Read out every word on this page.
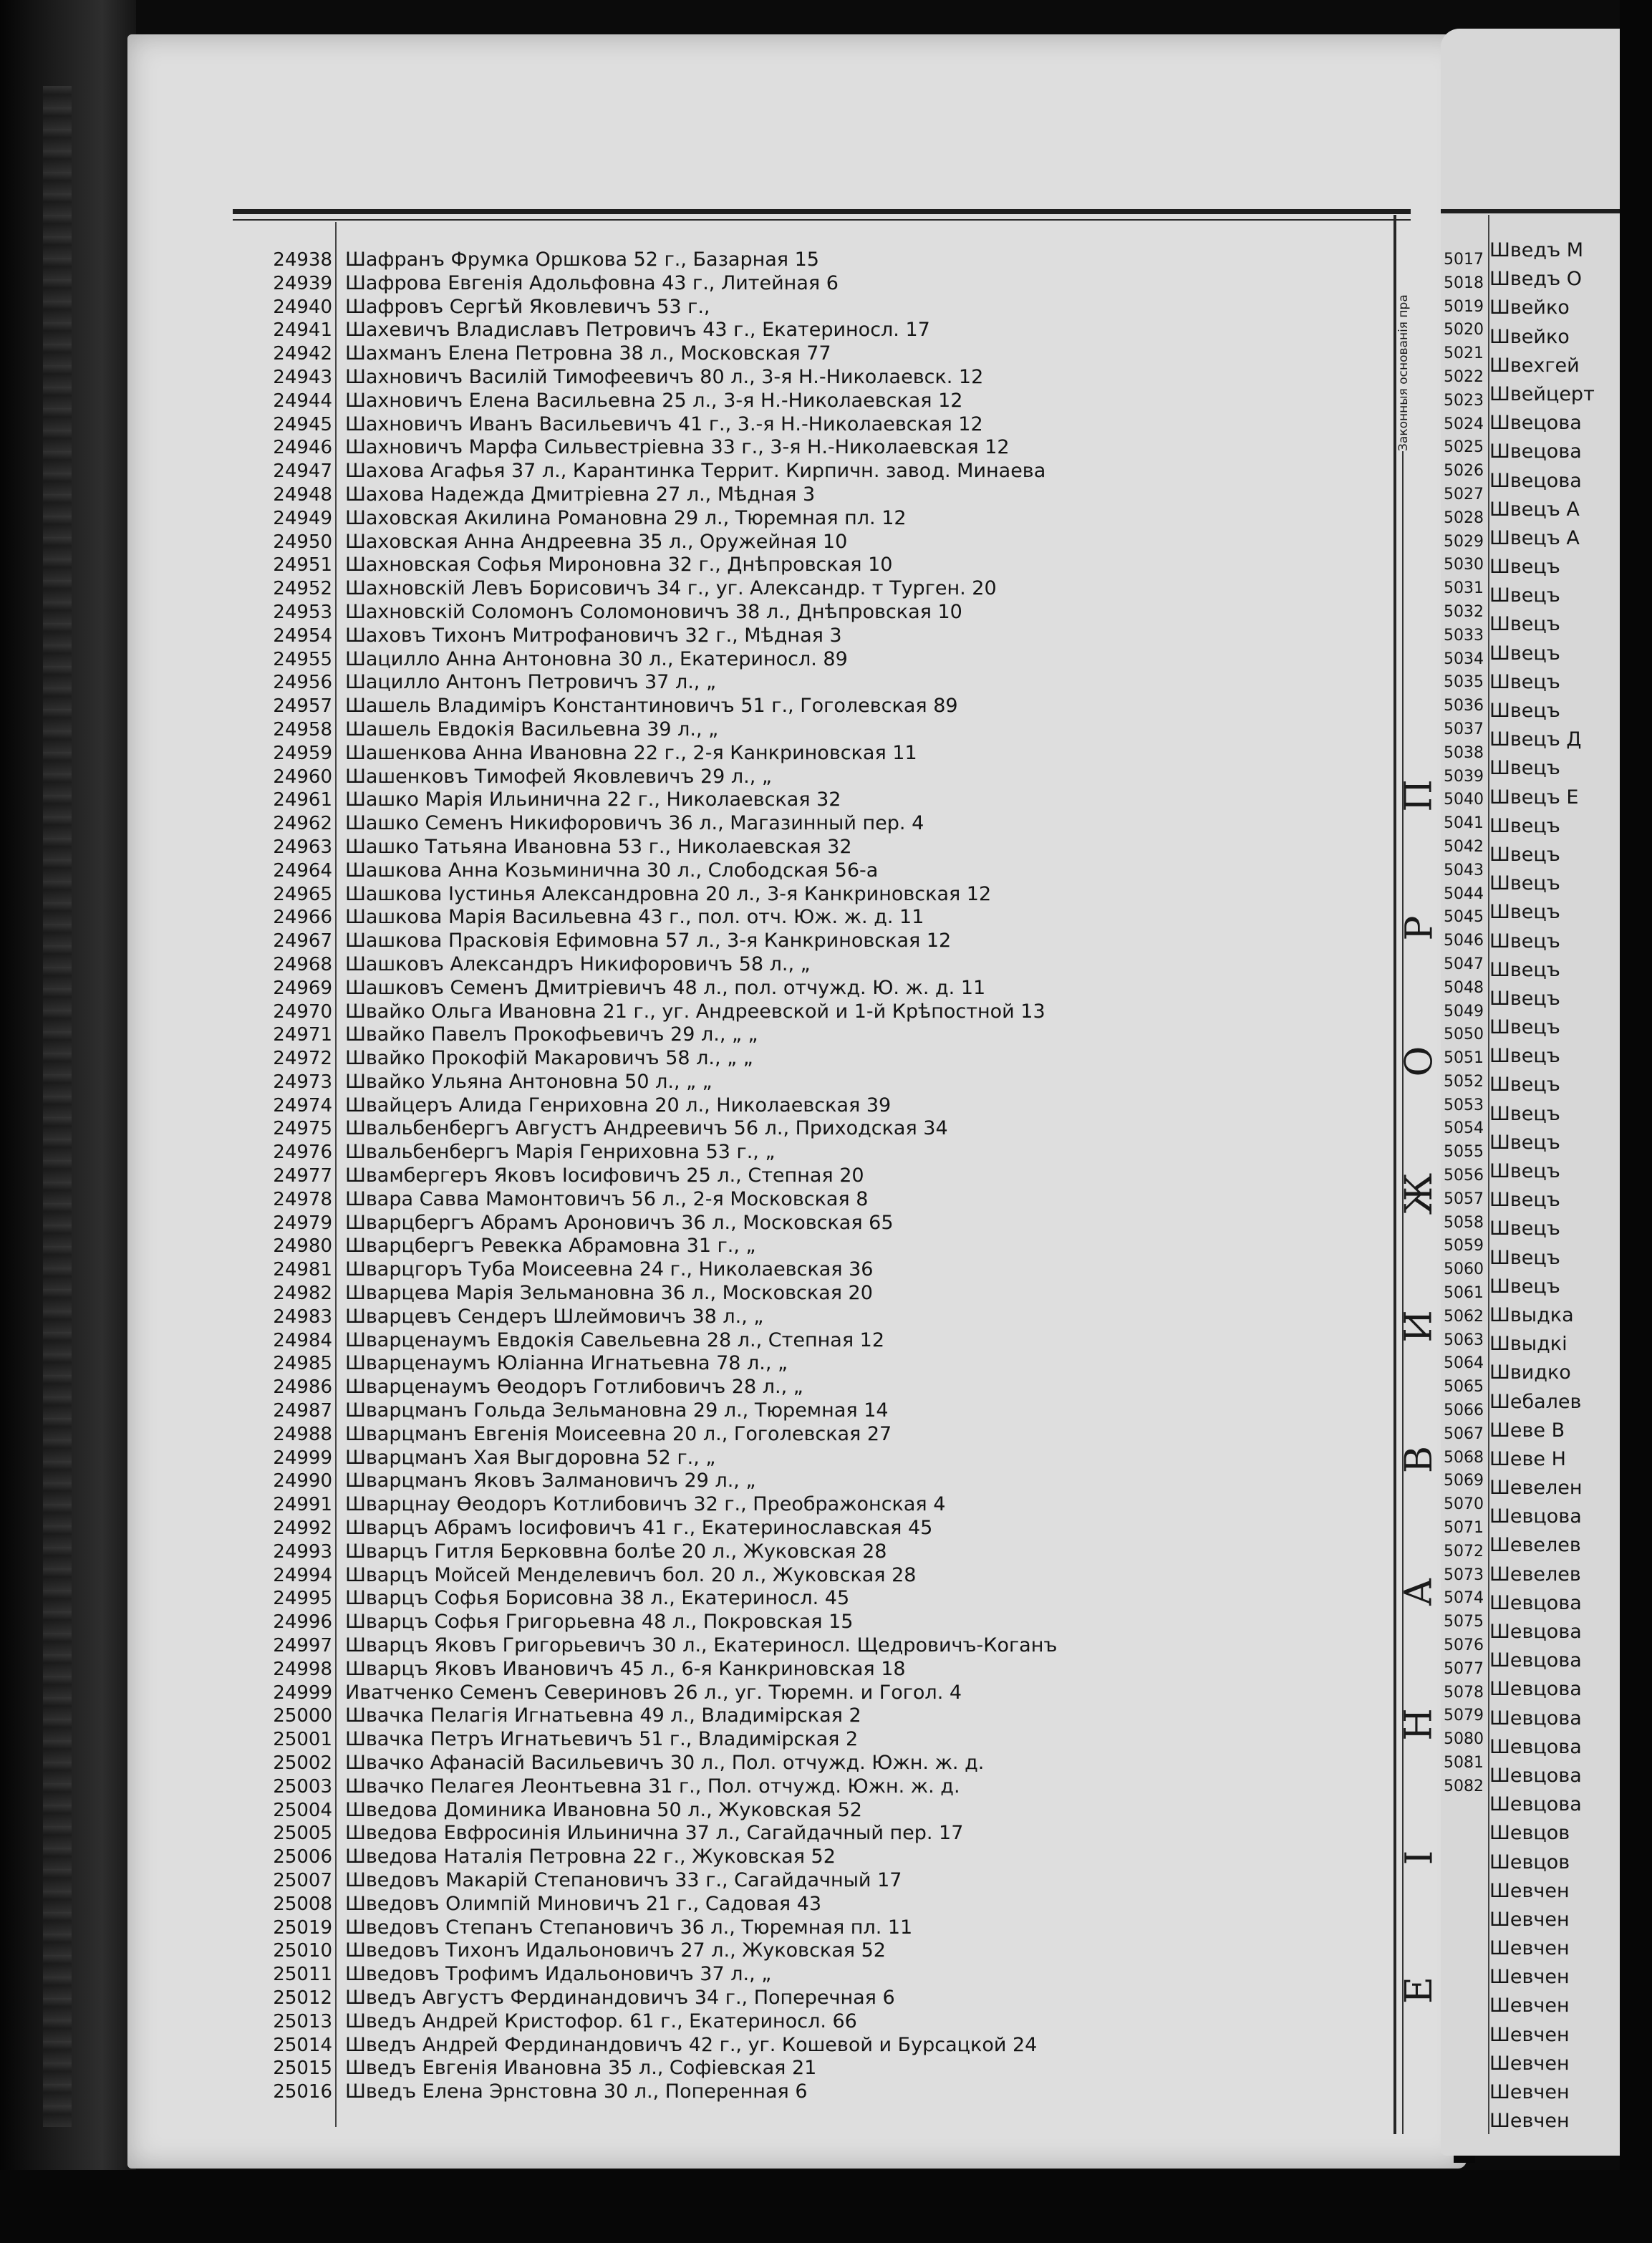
24938
24939
24940
24941
24942
24943
24944
24945
24946
24947
24948
24949
24950
24951
24952
24953
24954
24955
24956
24957
24958
24959
24960
24961
24962
24963
24964
24965
24966
24967
24968
24969
24970
24971
24972
24973
24974
24975
24976
24977
24978
24979
24980
24981
24982
24983
24984
24985
24986
24987
24988
24999
24990
24991
24992
24993
24994
24995
24996
24997
24998
24999
25000
25001
25002
25003
25004
25005
25006
25007
25008
25019
25010
25011
25012
25013
25014
25015
25016
Шафранъ Фрумка Оршкова 52 г., Базарная 15
Шафрова Евгенія Адольфовна 43 г., Литейная 6
Шафровъ Сергѣй Яковлевичъ 53 г.,
Шахевичъ Владиславъ Петровичъ 43 г., Екатериносл. 17
Шахманъ Елена Петровна 38 л., Московская 77
Шахновичъ Василій Тимофеевичъ 80 л., 3-я Н.-Николаевск. 12
Шахновичъ Елена Васильевна 25 л., 3-я Н.-Николаевская 12
Шахновичъ Иванъ Васильевичъ 41 г., 3.-я Н.-Николаевская 12
Шахновичъ Марфа Сильвестріевна 33 г., 3-я Н.-Николаевская 12
Шахова Агафья 37 л., Карантинка Террит. Кирпичн. завод. Минаева
Шахова Надежда Дмитріевна 27 л., Мѣдная 3
Шаховская Акилина Романовна 29 л., Тюремная пл. 12
Шаховская Анна Андреевна 35 л., Оружейная 10
Шахновская Софья Мироновна 32 г., Днѣпровская 10
Шахновскій Левъ Борисовичъ 34 г., уг. Александр. т Турген. 20
Шахновскій Соломонъ Соломоновичъ 38 л., Днѣпровская 10
Шаховъ Тихонъ Митрофановичъ 32 г., Мѣдная 3
Шацилло Анна Антоновна 30 л., Екатериносл. 89
Шацилло Антонъ Петровичъ 37 л., „
Шашель Владиміръ Константиновичъ 51 г., Гоголевская 89
Шашель Евдокія Васильевна 39 л., „
Шашенкова Анна Ивановна 22 г., 2-я Канкриновская 11
Шашенковъ Тимофей Яковлевичъ 29 л., „
Шашко Марія Ильинична 22 г., Николаевская 32
Шашко Семенъ Никифоровичъ 36 л., Магазинный пер. 4
Шашко Татьяна Ивановна 53 г., Николаевская 32
Шашкова Анна Козьминична 30 л., Слободская 56-а
Шашкова Іустинья Александровна 20 л., 3-я Канкриновская 12
Шашкова Марія Васильевна 43 г., пол. отч. Юж. ж. д. 11
Шашкова Прасковія Ефимовна 57 л., 3-я Канкриновская 12
Шашковъ Александръ Никифоровичъ 58 л., „
Шашковъ Семенъ Дмитріевичъ 48 л., пол. отчужд. Ю. ж. д. 11
Швайко Ольга Ивановна 21 г., уг. Андреевской и 1-й Крѣпостной 13
Швайко Павелъ Прокофьевичъ 29 л., „ „
Швайко Прокофій Макаровичъ 58 л., „ „
Швайко Ульяна Антоновна 50 л., „ „
Швайцеръ Алида Генриховна 20 л., Николаевская 39
Швальбенбергъ Августъ Андреевичъ 56 л., Приходская 34
Швальбенбергъ Марія Генриховна 53 г., „
Швамбергеръ Яковъ Іосифовичъ 25 л., Степная 20
Швара Савва Мамонтовичъ 56 л., 2-я Московская 8
Шварцбергъ Абрамъ Ароновичъ 36 л., Московская 65
Шварцбергъ Ревекка Абрамовна 31 г., „
Шварцгоръ Туба Моисеевна 24 г., Николаевская 36
Шварцева Марія Зельмановна 36 л., Московская 20
Шварцевъ Сендеръ Шлеймовичъ 38 л., „
Шварценаумъ Евдокія Савельевна 28 л., Степная 12
Шварценаумъ Юліанна Игнатьевна 78 л., „
Шварценаумъ Ѳеодоръ Готлибовичъ 28 л., „
Шварцманъ Гольда Зельмановна 29 л., Тюремная 14
Шварцманъ Евгенія Моисеевна 20 л., Гоголевская 27
Шварцманъ Хая Выгдоровна 52 г., „
Шварцманъ Яковъ Залмановичъ 29 л., „
Шварцнау Ѳеодоръ Котлибовичъ 32 г., Преображонская 4
Шварцъ Абрамъ Іосифовичъ 41 г., Екатеринославская 45
Шварцъ Гитля Берковвна болѣе 20 л., Жуковская 28
Шварцъ Мойсей Менделевичъ бол. 20 л., Жуковская 28
Шварцъ Софья Борисовна 38 л., Екатериносл. 45
Шварцъ Софья Григорьевна 48 л., Покровская 15
Шварцъ Яковъ Григорьевичъ 30 л., Екатериносл. Щедровичъ-Коганъ
Шварцъ Яковъ Ивановичъ 45 л., 6-я Канкриновская 18
Иватченко Семенъ Севериновъ 26 л., уг. Тюремн. и Гогол. 4
Швачка Пелагія Игнатьевна 49 л., Владимірская 2
Швачка Петръ Игнатьевичъ 51 г., Владимірская 2
Швачко Афанасій Васильевичъ 30 л., Пол. отчужд. Южн. ж. д.
Швачко Пелагея Леонтьевна 31 г., Пол. отчужд. Южн. ж. д.
Шведова Доминика Ивановна 50 л., Жуковская 52
Шведова Евфросинія Ильинична 37 л., Сагайдачный пер. 17
Шведова Наталія Петровна 22 г., Жуковская 52
Шведовъ Макарій Степановичъ 33 г., Сагайдачный 17
Шведовъ Олимпій Миновичъ 21 г., Садовая 43
Шведовъ Степанъ Степановичъ 36 л., Тюремная пл. 11
Шведовъ Тихонъ Идальоновичъ 27 л., Жуковская 52
Шведовъ Трофимъ Идальоновичъ 37 л., „
Шведъ Августъ Фердинандовичъ 34 г., Поперечная 6
Шведъ Андрей Кристофор. 61 г., Екатериносл. 66
Шведъ Андрей Фердинандовичъ 42 г., уг. Кошевой и Бурсацкой 24
Шведъ Евгенія Ивановна 35 л., Софіевская 21
Шведъ Елена Эрнстовна 30 л., Поперенная 6
Законныя основанія пра
П
Р
О
Ж
И
В
А
Н
І
Е
5017
5018
5019
5020
5021
5022
5023
5024
5025
5026
5027
5028
5029
5030
5031
5032
5033
5034
5035
5036
5037
5038
5039
5040
5041
5042
5043
5044
5045
5046
5047
5048
5049
5050
5051
5052
5053
5054
5055
5056
5057
5058
5059
5060
5061
5062
5063
5064
5065
5066
5067
5068
5069
5070
5071
5072
5073
5074
5075
5076
5077
5078
5079
5080
5081
5082
Шведъ М
Шведъ О
Швейко
Швейко
Швехгей
Швейцерт
Швецова
Швецова
Швецова
Швецъ А
Швецъ А
Швецъ
Швецъ
Швецъ
Швецъ
Швецъ
Швецъ
Швецъ Д
Швецъ
Швецъ Е
Швецъ
Швецъ
Швецъ
Швецъ
Швецъ
Швецъ
Швецъ
Швецъ
Швецъ
Швецъ
Швецъ
Швецъ
Швецъ
Швецъ
Швецъ
Швецъ
Швецъ
Швыдка
Швыдкі
Швидко
Шебалев
Шеве В
Шеве Н
Шевелен
Шевцова
Шевелев
Шевелев
Шевцова
Шевцова
Шевцова
Шевцова
Шевцова
Шевцова
Шевцова
Шевцова
Шевцов
Шевцов
Шевчен
Шевчен
Шевчен
Шевчен
Шевчен
Шевчен
Шевчен
Шевчен
Шевчен
